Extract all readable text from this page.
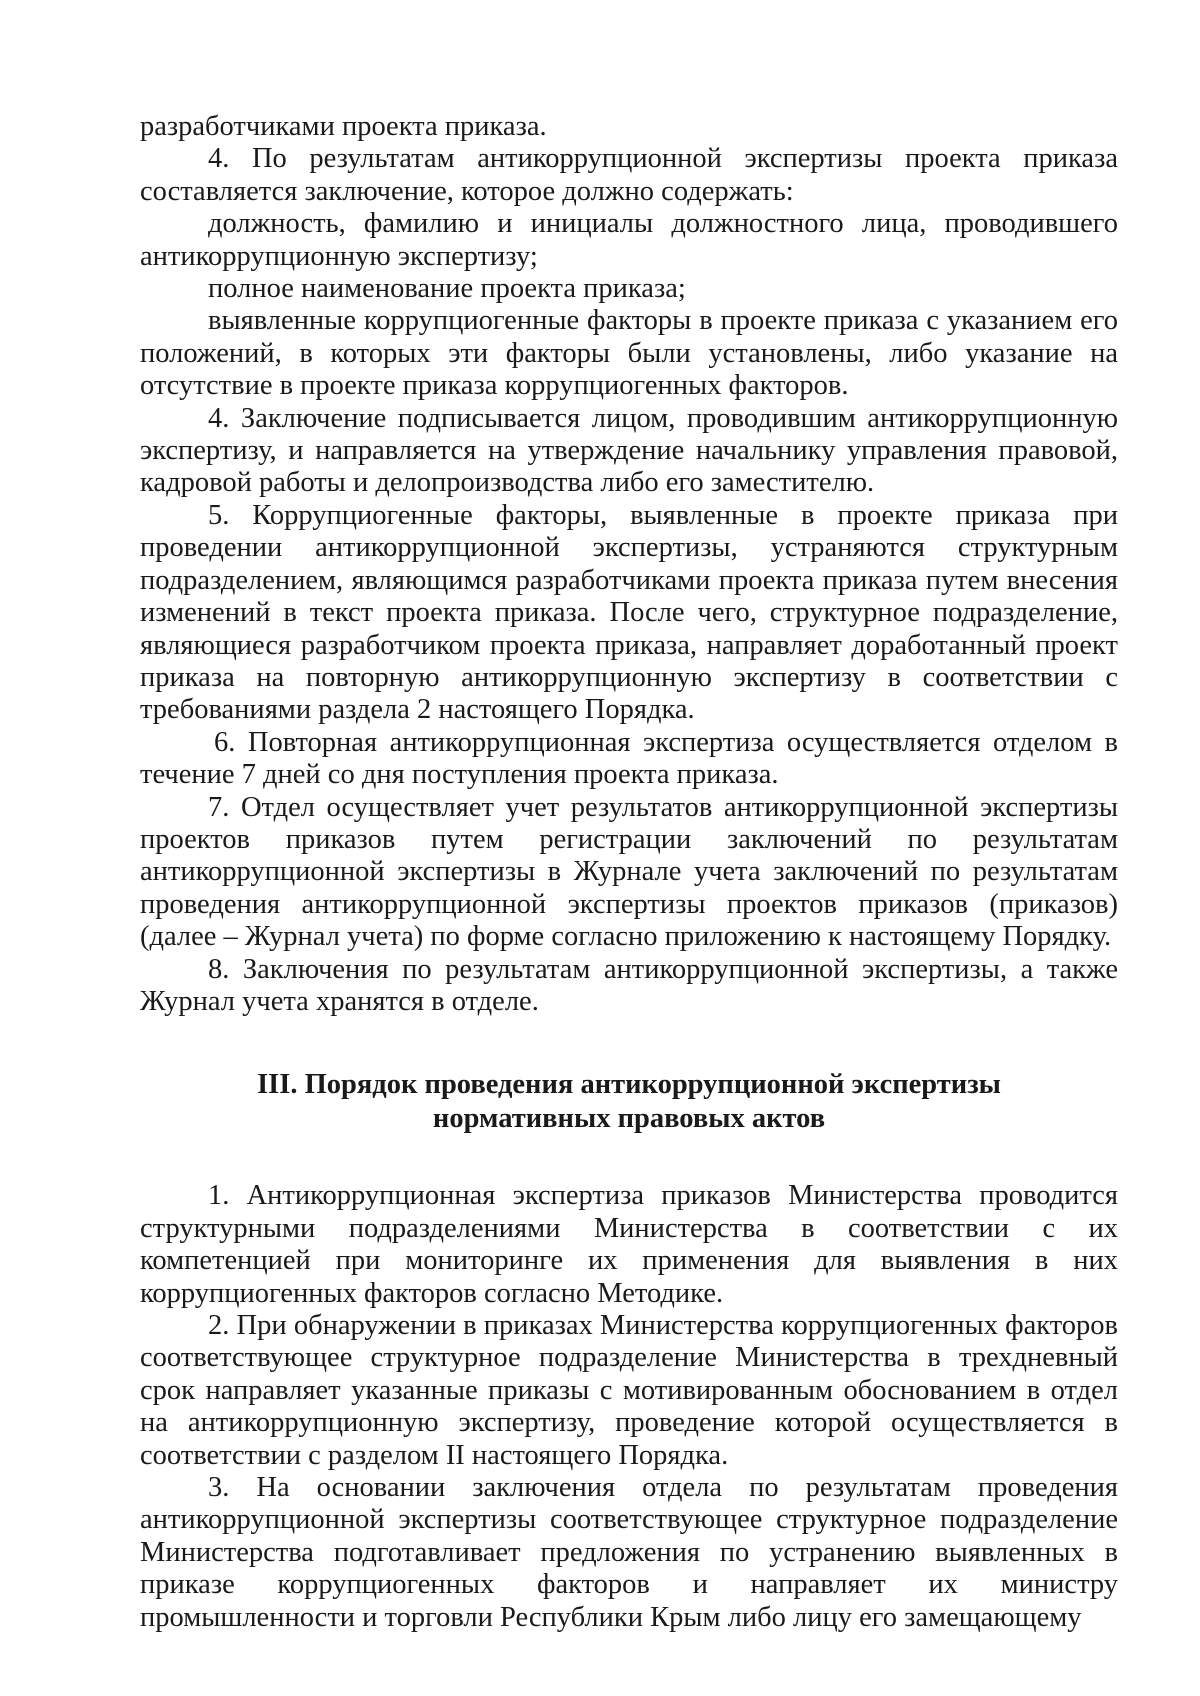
разработчиками проекта приказа.

4. По результатам антикоррупционной экспертизы проекта приказа составляется заключение, которое должно содержать:

должность, фамилию и инициалы должностного лица, проводившего антикоррупционную экспертизу;

полное наименование проекта приказа;

выявленные коррупциогенные факторы в проекте приказа с указанием его положений, в которых эти факторы были установлены, либо указание на отсутствие в проекте приказа коррупциогенных факторов.

4. Заключение подписывается лицом, проводившим антикоррупционную экспертизу, и направляется на утверждение начальнику управления правовой, кадровой работы и делопроизводства либо его заместителю.

5. Коррупциогенные факторы, выявленные в проекте приказа при проведении антикоррупционной экспертизы, устраняются структурным подразделением, являющимся разработчиками проекта приказа путем внесения изменений в текст проекта приказа. После чего, структурное подразделение, являющиеся разработчиком проекта приказа, направляет доработанный проект приказа на повторную антикоррупционную экспертизу в соответствии с требованиями раздела 2 настоящего Порядка.

6. Повторная антикоррупционная экспертиза осуществляется отделом в течение 7 дней со дня поступления проекта приказа.

7. Отдел осуществляет учет результатов антикоррупционной экспертизы проектов приказов путем регистрации заключений по результатам антикоррупционной экспертизы в Журнале учета заключений по результатам проведения антикоррупционной экспертизы проектов приказов (приказов) (далее – Журнал учета) по форме согласно приложению к настоящему Порядку.

8. Заключения по результатам антикоррупционной экспертизы, а также Журнал учета хранятся в отделе.

III. Порядок проведения антикоррупционной экспертизы
нормативных правовых актов

1. Антикоррупционная экспертиза приказов Министерства проводится структурными подразделениями Министерства в соответствии с их компетенцией при мониторинге их применения для выявления в них коррупциогенных факторов согласно Методике.

2. При обнаружении в приказах Министерства коррупциогенных факторов соответствующее структурное подразделение Министерства в трехдневный срок направляет указанные приказы с мотивированным обоснованием в отдел на антикоррупционную экспертизу, проведение которой осуществляется в соответствии с разделом II настоящего Порядка.

3. На основании заключения отдела по результатам проведения антикоррупционной экспертизы соответствующее структурное подразделение Министерства подготавливает предложения по устранению выявленных в приказе коррупциогенных факторов и направляет их министру промышленности и торговли Республики Крым либо лицу его замещающему
